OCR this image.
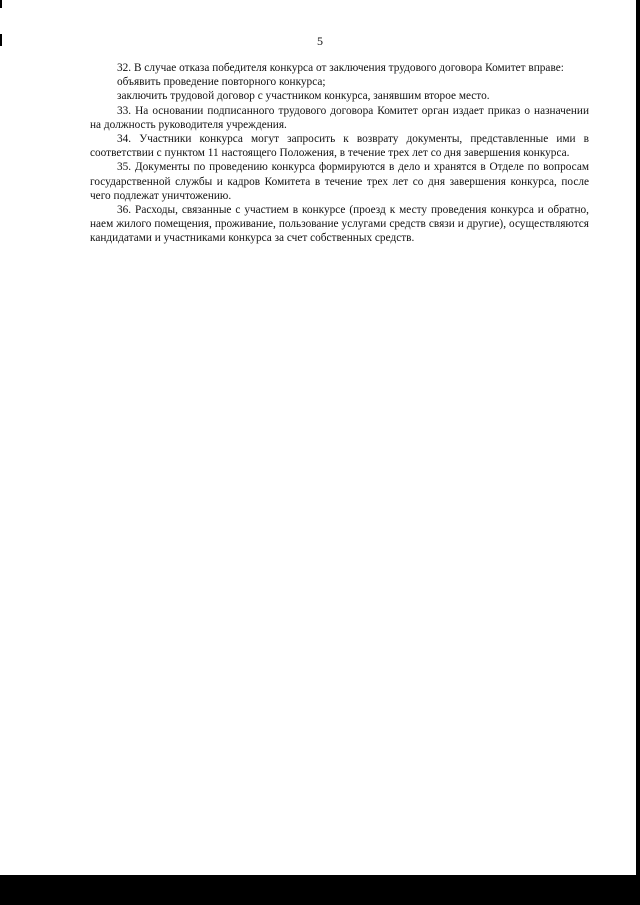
5

32. В случае отказа победителя конкурса от заключения трудового договора Комитет вправе:

объявить проведение повторного конкурса;

заключить трудовой договор с участником конкурса, занявшим второе место.

33. На основании подписанного трудового договора Комитет орган издает приказ о назначении на должность руководителя учреждения.

34. Участники конкурса могут запросить к возврату документы, представленные ими в соответствии с пунктом 11 настоящего Положения, в течение трех лет со дня завершения конкурса.

35. Документы по проведению конкурса формируются в дело и хранятся в Отделе по вопросам государственной службы и кадров Комитета в течение трех лет со дня завершения конкурса, после чего подлежат уничтожению.

36. Расходы, связанные с участием в конкурсе (проезд к месту проведения конкурса и обратно, наем жилого помещения, проживание, пользование услугами средств связи и другие), осуществляются кандидатами и участниками конкурса за счет собственных средств.
